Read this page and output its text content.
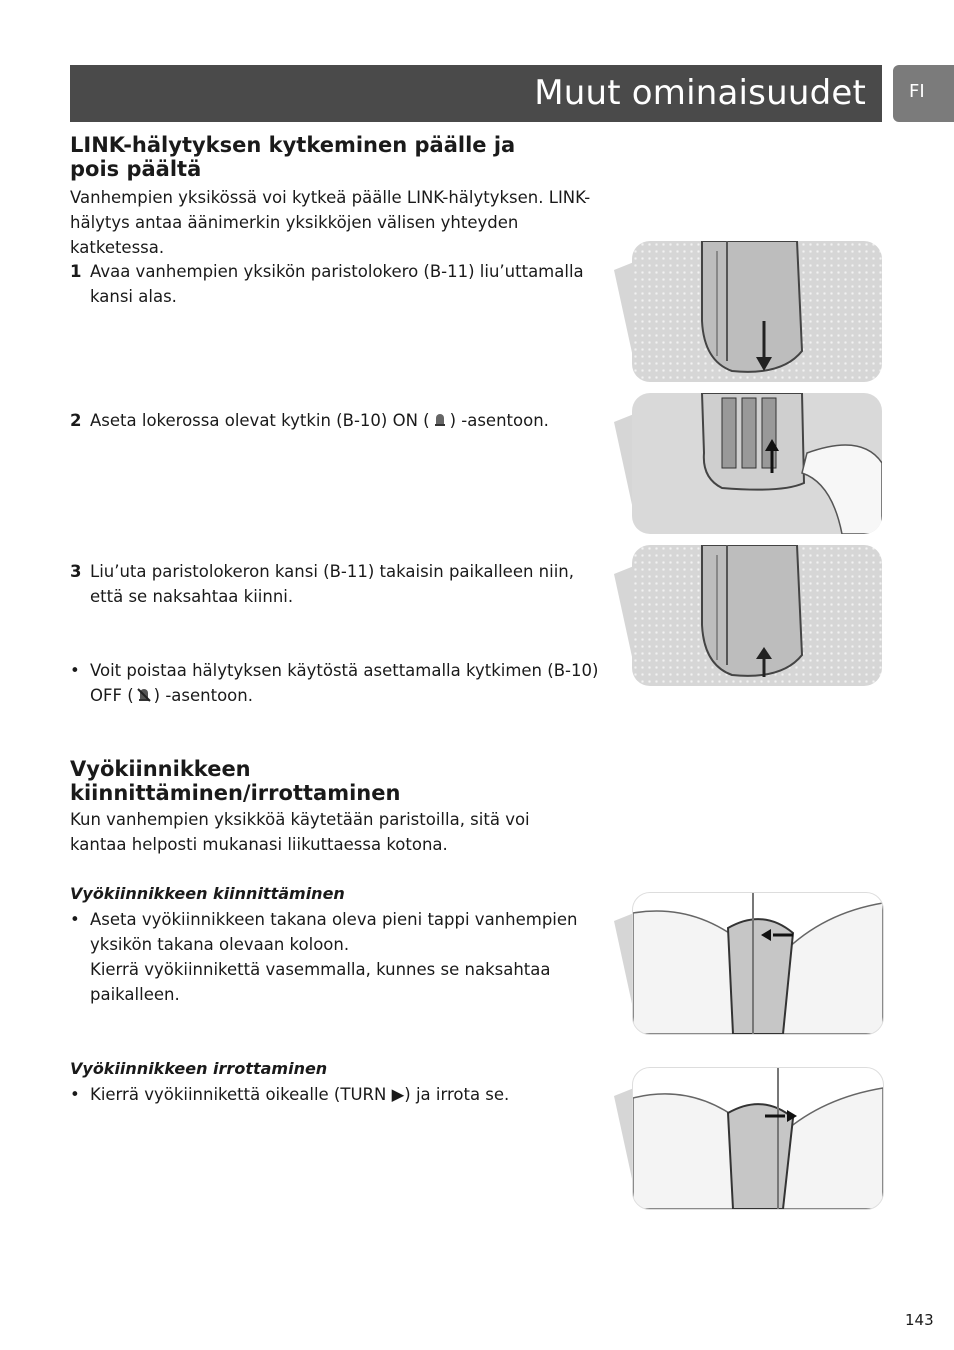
Muut ominaisuudet FI
LINK-hälytyksen kytkeminen päälle ja
pois päältä

Vanhempien yksikössä voi kytkeä päälle LINK-hälytyksen. LINK-hälytys antaa äänimerkin yksikköjen välisen yhteyden katketessa.

1 Avaa vanhempien yksikön paristolokero (B-11) liu’uttamalla kansi alas.
2 Aseta lokerossa olevat kytkin (B-10) ON ( ) -asentoon.
3 Liu’uta paristolokeron kansi (B-11) takaisin paikalleen niin, että se naksahtaa kiinni.
• Voit poistaa hälytyksen käytöstä asettamalla kytkimen (B-10) OFF ( ) -asentoon.
Vyökiinnikkeen
kiinnittäminen/irrottaminen

Kun vanhempien yksikköä käytetään paristoilla, sitä voi kantaa helposti mukanasi liikuttaessa kotona.

Vyökiinnikkeen kiinnittäminen
• Aseta vyökiinnikkeen takana oleva pieni tappi vanhempien yksikön takana olevaan koloon.
Kierrä vyökiinnikettä vasemmalla, kunnes se naksahtaa paikalleen.
Vyökiinnikkeen irrottaminen
• Kierrä vyökiinnikettä oikealle (TURN ▶) ja irrota se.
143
